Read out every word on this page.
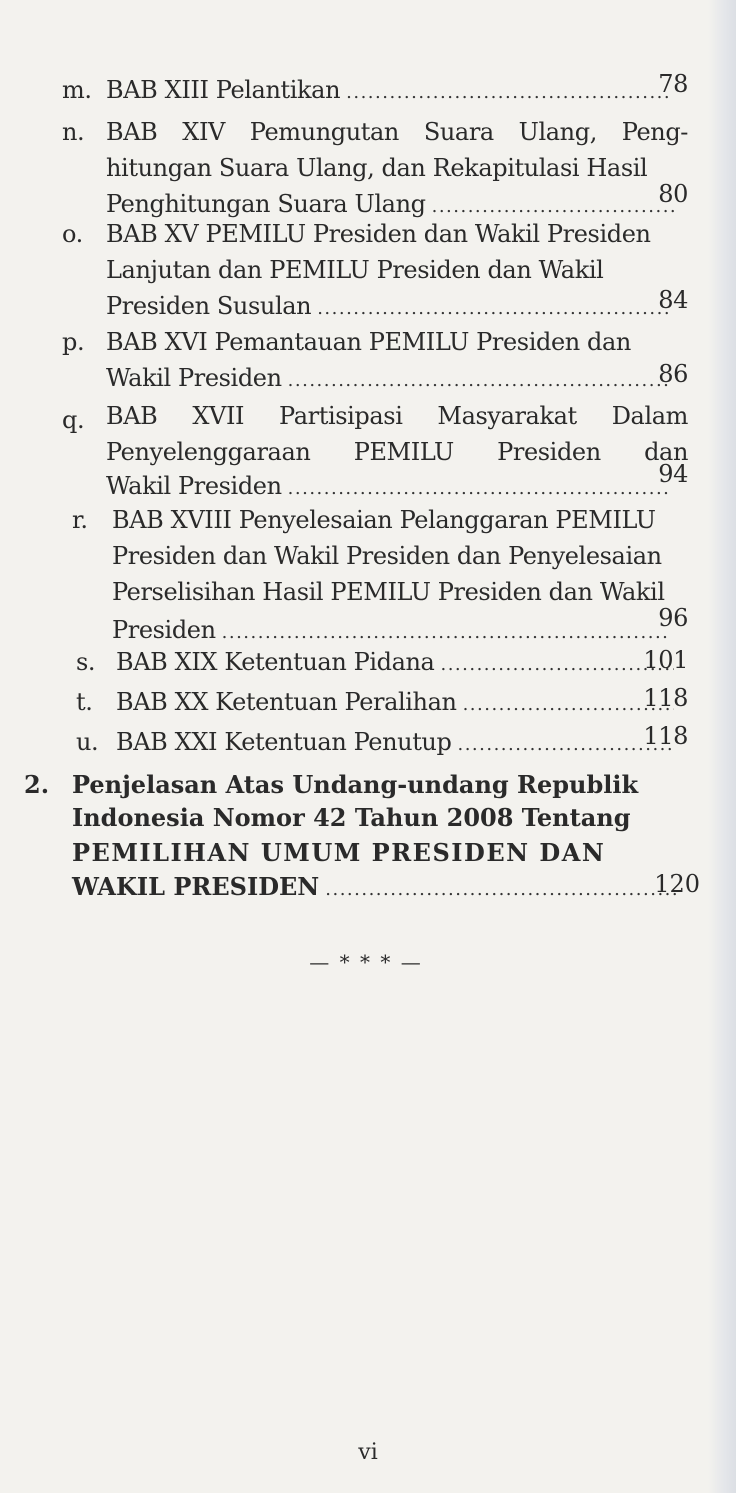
m. BAB XIII Pelantikan .....	78
n. BAB XIV Pemungutan Suara Ulang, Peng-
hitungan Suara Ulang, dan Rekapitulasi Hasil
Penghitungan Suara Ulang .....	80
o. BAB XV PEMILU Presiden dan Wakil Presiden
Lanjutan dan PEMILU Presiden dan Wakil
Presiden Susulan .....	84
p. BAB XVI Pemantauan PEMILU Presiden dan
Wakil Presiden .....	86
q. BAB XVII Partisipasi Masyarakat Dalam
Penyelenggaraan PEMILU Presiden dan
Wakil Presiden .....	94
r.	BAB XVIII Penyelesaian Pelanggaran PEMILU
Presiden dan Wakil Presiden dan Penyelesaian
Perselisihan Hasil PEMILU Presiden dan Wakil
Presiden .....	96
s. BAB XIX Ketentuan Pidana .....	101
t. BAB XX Ketentuan Peralihan .....	118
u. BAB XXI Ketentuan Penutup .....	118
2. Penjelasan Atas Undang-undang Republik
Indonesia Nomor 42 Tahun 2008 Tentang
PEMILIHAN UMUM PRESIDEN DAN
WAKIL PRESIDEN .....	120
— * * * —
vi
